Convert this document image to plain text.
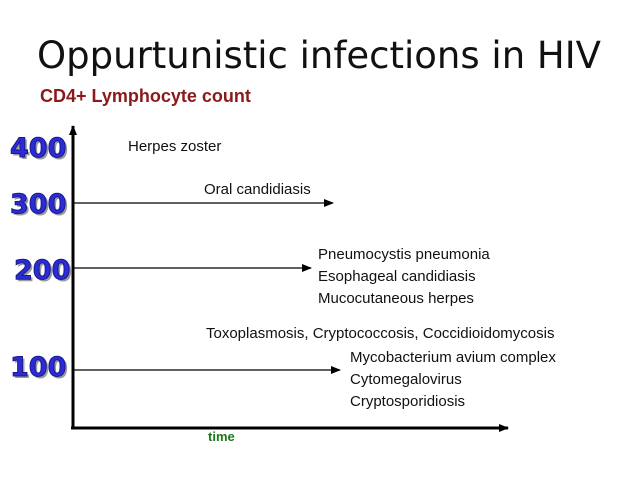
Oppurtunistic infections in HIV
CD4+ Lymphocyte count
400
300
200
100
Herpes zoster
Oral candidiasis
Pneumocystis pneumonia
Esophageal candidiasis
Mucocutaneous herpes
Toxoplasmosis, Cryptococcosis, Coccidioidomycosis
Mycobacterium avium complex
Cytomegalovirus
Cryptosporidiosis
time
